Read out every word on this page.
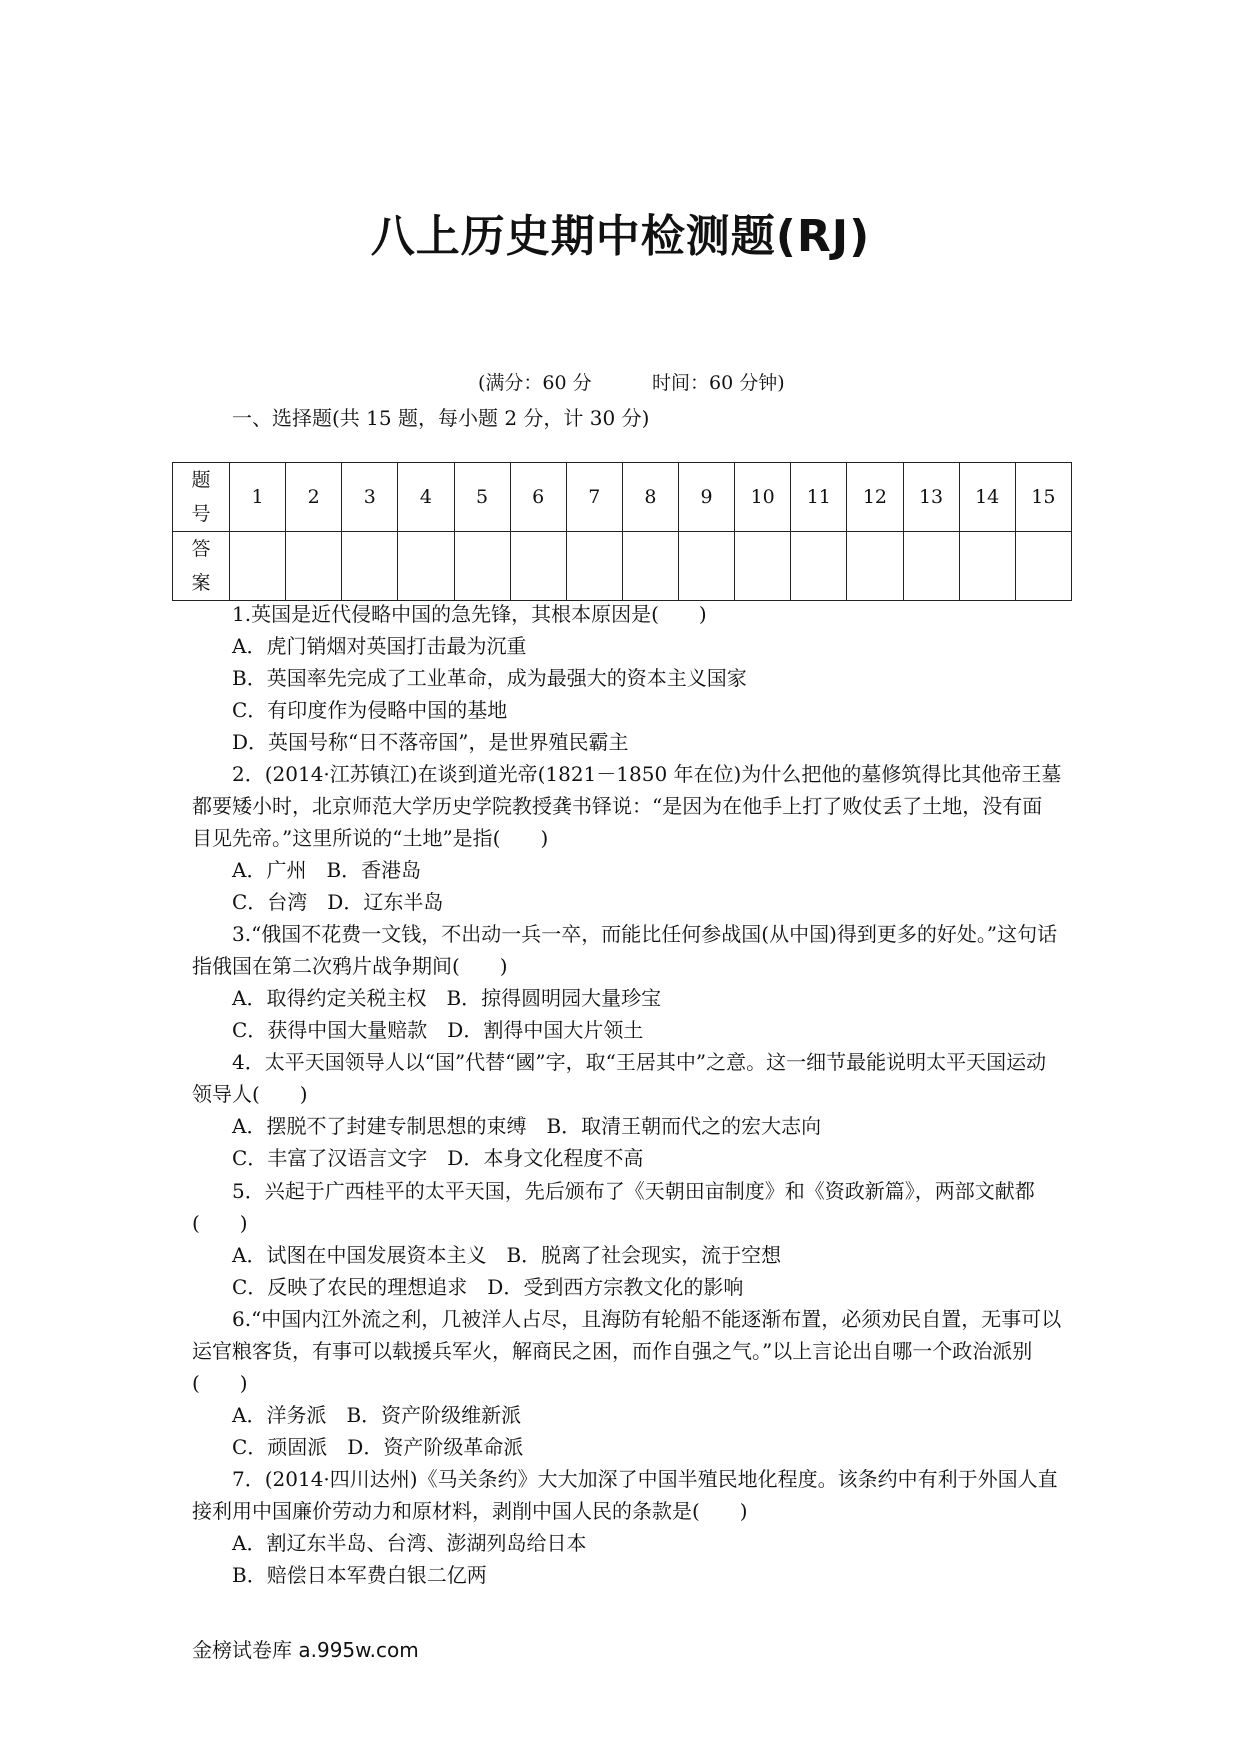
八上历史期中检测题(RJ)
(满分：60 分          时间：60 分钟)
一、选择题(共 15 题，每小题 2 分，计 30 分)
题
号	1	2	3	4	5	6	7	8	9	10	11	12	13	14	15
答
案															

1.英国是近代侵略中国的急先锋，其根本原因是(　　)

A．虎门销烟对英国打击最为沉重

B．英国率先完成了工业革命，成为最强大的资本主义国家

C．有印度作为侵略中国的基地

D．英国号称“日不落帝国”，是世界殖民霸主

2．(2014·江苏镇江)在谈到道光帝(1821－1850 年在位)为什么把他的墓修筑得比其他帝王墓都要矮小时，北京师范大学历史学院教授龚书铎说：“是因为在他手上打了败仗丢了土地，没有面目见先帝。”这里所说的“土地”是指(　　)

A．广州　B．香港岛

C．台湾　D．辽东半岛

3.“俄国不花费一文钱，不出动一兵一卒，而能比任何参战国(从中国)得到更多的好处。”这句话指俄国在第二次鸦片战争期间(　　)

A．取得约定关税主权　B．掠得圆明园大量珍宝

C．获得中国大量赔款　D．割得中国大片领土

4．太平天国领导人以“国”代替“國”字，取“王居其中”之意。这一细节最能说明太平天国运动领导人(　　)

A．摆脱不了封建专制思想的束缚　B．取清王朝而代之的宏大志向

C．丰富了汉语言文字　D．本身文化程度不高

5．兴起于广西桂平的太平天国，先后颁布了《天朝田亩制度》和《资政新篇》，两部文献都(　　)

A．试图在中国发展资本主义　B．脱离了社会现实，流于空想

C．反映了农民的理想追求　D．受到西方宗教文化的影响

6.“中国内江外流之利，几被洋人占尽，且海防有轮船不能逐渐布置，必须劝民自置，无事可以运官粮客货，有事可以载援兵军火，解商民之困，而作自强之气。”以上言论出自哪一个政治派别(　　)

A．洋务派　B．资产阶级维新派

C．顽固派　D．资产阶级革命派

7．(2014·四川达州)《马关条约》大大加深了中国半殖民地化程度。该条约中有利于外国人直接利用中国廉价劳动力和原材料，剥削中国人民的条款是(　　)

A．割辽东半岛、台湾、澎湖列岛给日本

B．赔偿日本军费白银二亿两

金榜试卷库 a.995w.com
